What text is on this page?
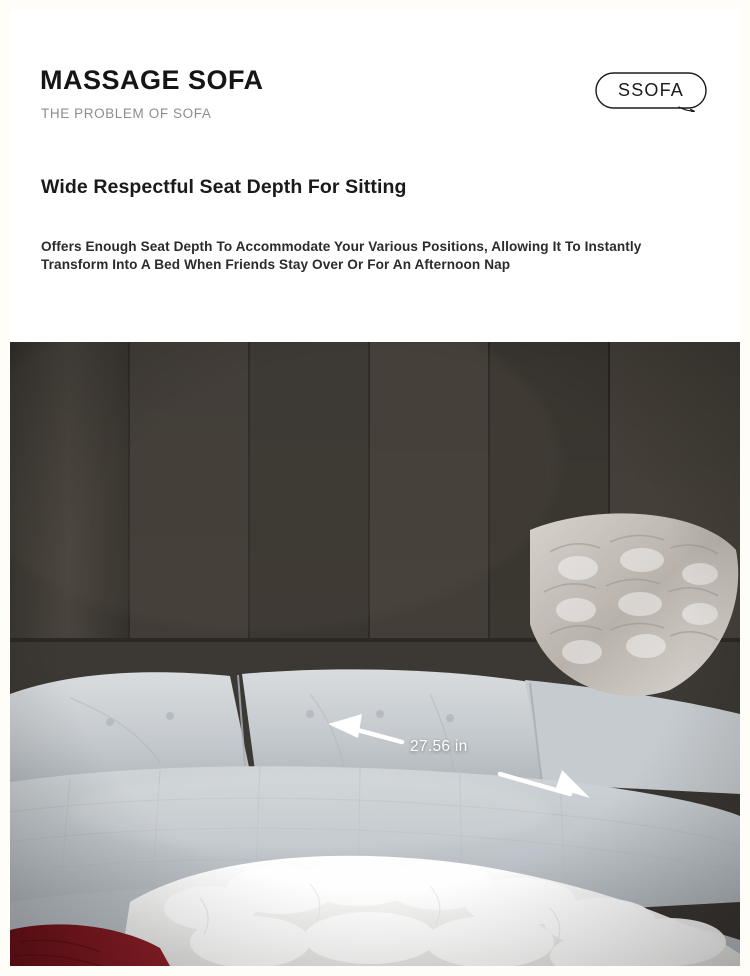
MASSAGE SOFA
THE PROBLEM OF SOFA
SSOFA
Wide Respectful Seat Depth For Sitting
Offers Enough Seat Depth To Accommodate Your Various Positions, Allowing It To Instantly Transform Into A Bed When Friends Stay Over Or For An Afternoon Nap
27.56 in
